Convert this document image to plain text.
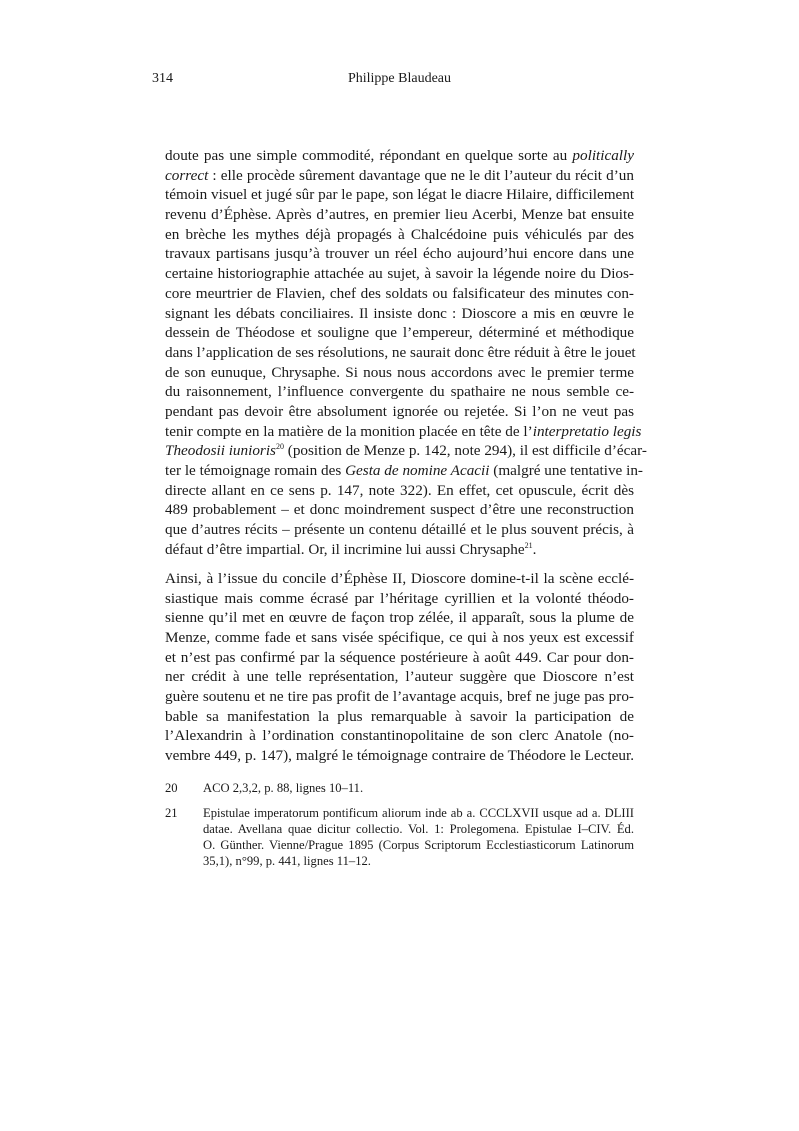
314	Philippe Blaudeau
doute pas une simple commodité, répondant en quelque sorte au politically
correct : elle procède sûrement davantage que ne le dit l’auteur du récit d’un
témoin visuel et jugé sûr par le pape, son légat le diacre Hilaire, difficilement
revenu d’Éphèse. Après d’autres, en premier lieu Acerbi, Menze bat ensuite
en brèche les mythes déjà propagés à Chalcédoine puis véhiculés par des
travaux partisans jusqu’à trouver un réel écho aujourd’hui encore dans une
certaine historiographie attachée au sujet, à savoir la légende noire du Dios-
core meurtrier de Flavien, chef des soldats ou falsificateur des minutes con-
signant les débats conciliaires. Il insiste donc : Dioscore a mis en œuvre le
dessein de Théodose et souligne que l’empereur, déterminé et méthodique
dans l’application de ses résolutions, ne saurait donc être réduit à être le jouet
de son eunuque, Chrysaphe. Si nous nous accordons avec le premier terme
du raisonnement, l’influence convergente du spathaire ne nous semble ce-
pendant pas devoir être absolument ignorée ou rejetée. Si l’on ne veut pas
tenir compte en la matière de la monition placée en tête de l’interpretatio legis
Theodosii iunioris$^{20}$ (position de Menze p. 142, note 294), il est difficile d’écar-
ter le témoignage romain des Gesta de nomine Acacii (malgré une tentative in-
directe allant en ce sens p. 147, note 322). En effet, cet opuscule, écrit dès
489 probablement – et donc moindrement suspect d’être une reconstruction
que d’autres récits – présente un contenu détaillé et le plus souvent précis, à
défaut d’être impartial. Or, il incrimine lui aussi Chrysaphe$^{21}$.
Ainsi, à l’issue du concile d’Éphèse II, Dioscore domine-t-il la scène ecclé-
siastique mais comme écrasé par l’héritage cyrillien et la volonté théodo-
sienne qu’il met en œuvre de façon trop zélée, il apparaît, sous la plume de
Menze, comme fade et sans visée spécifique, ce qui à nos yeux est excessif
et n’est pas confirmé par la séquence postérieure à août 449. Car pour don-
ner crédit à une telle représentation, l’auteur suggère que Dioscore n’est
guère soutenu et ne tire pas profit de l’avantage acquis, bref ne juge pas pro-
bable sa manifestation la plus remarquable à savoir la participation de
l’Alexandrin à l’ordination constantinopolitaine de son clerc Anatole (no-
vembre 449, p. 147), malgré le témoignage contraire de Théodore le Lecteur.
20	ACO 2,3,2, p. 88, lignes 10–11.
21	Epistulae imperatorum pontificum aliorum inde ab a. CCCLXVII usque ad a. DLIII
datae. Avellana quae dicitur collectio. Vol. 1: Prolegomena. Epistulae I–CIV. Éd.
O. Günther. Vienne/Prague 1895 (Corpus Scriptorum Ecclestiasticorum Latinorum
35,1), n°99, p. 441, lignes 11–12.
